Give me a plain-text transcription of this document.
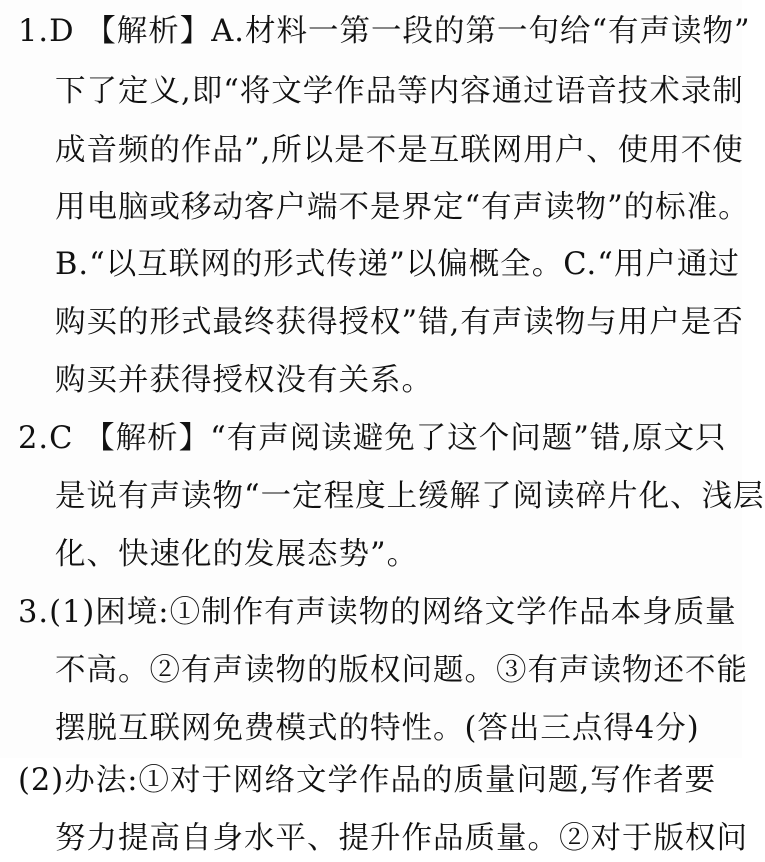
1.D 【解析】A.材料一第一段的第一句给“有声读物”
下了定义,即“将文学作品等内容通过语音技术录制
成音频的作品”,所以是不是互联网用户、使用不使
用电脑或移动客户端不是界定“有声读物”的标准。
B.“以互联网的形式传递”以偏概全。C.“用户通过
购买的形式最终获得授权”错,有声读物与用户是否
购买并获得授权没有关系。
2.C 【解析】“有声阅读避免了这个问题”错,原文只
是说有声读物“一定程度上缓解了阅读碎片化、浅层
化、快速化的发展态势”。
3.(1)困境:①制作有声读物的网络文学作品本身质量
不高。②有声读物的版权问题。③有声读物还不能
摆脱互联网免费模式的特性。(答出三点得4分)
(2)办法:①对于网络文学作品的质量问题,写作者要
努力提高自身水平、提升作品质量。②对于版权问
